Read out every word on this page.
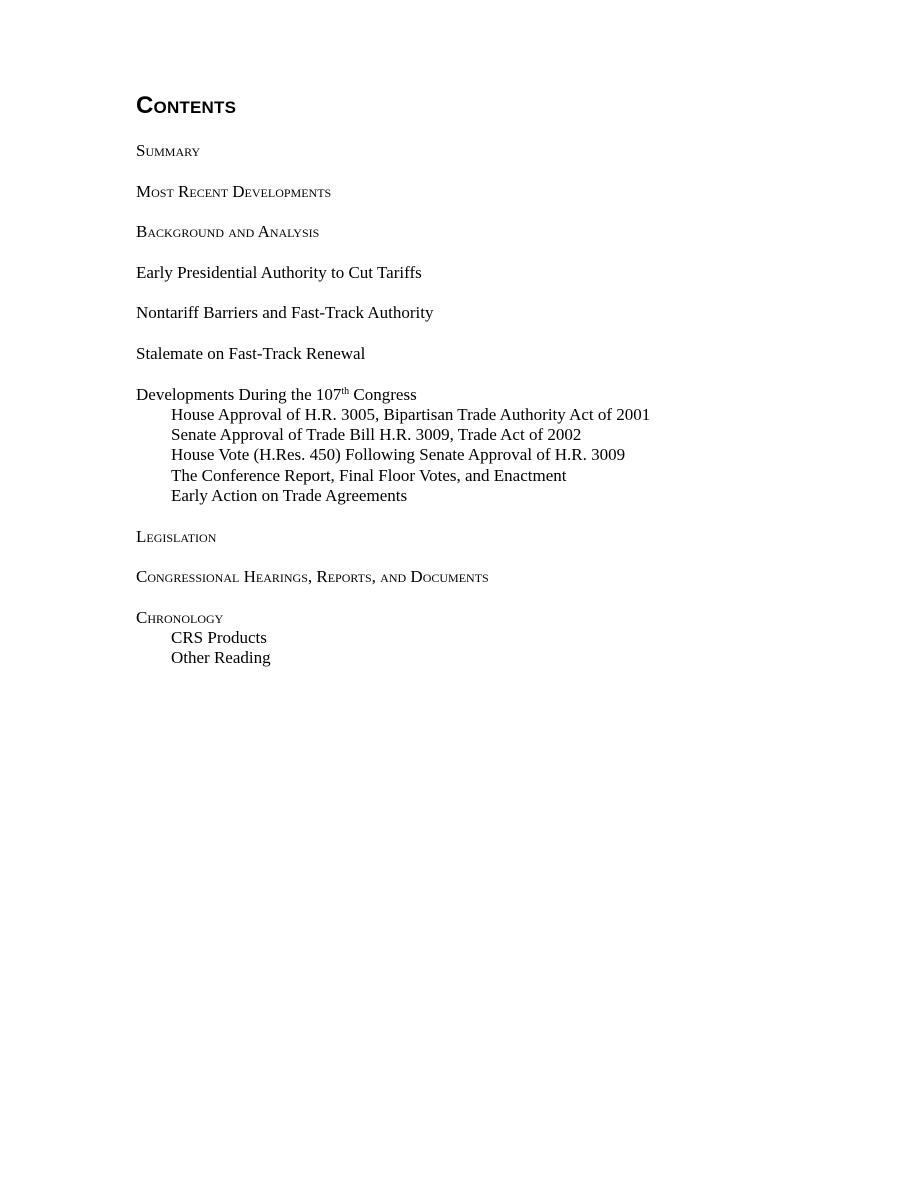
Contents
Summary
Most Recent Developments
Background and Analysis
Early Presidential Authority to Cut Tariffs
Nontariff Barriers and Fast-Track Authority
Stalemate on Fast-Track Renewal
Developments During the 107th Congress
House Approval of H.R. 3005, Bipartisan Trade Authority Act of 2001
Senate Approval of Trade Bill H.R. 3009, Trade Act of 2002
House Vote (H.Res. 450) Following Senate Approval of H.R. 3009
The Conference Report, Final Floor Votes, and Enactment
Early Action on Trade Agreements
Legislation
Congressional Hearings, Reports, and Documents
Chronology
CRS Products
Other Reading
